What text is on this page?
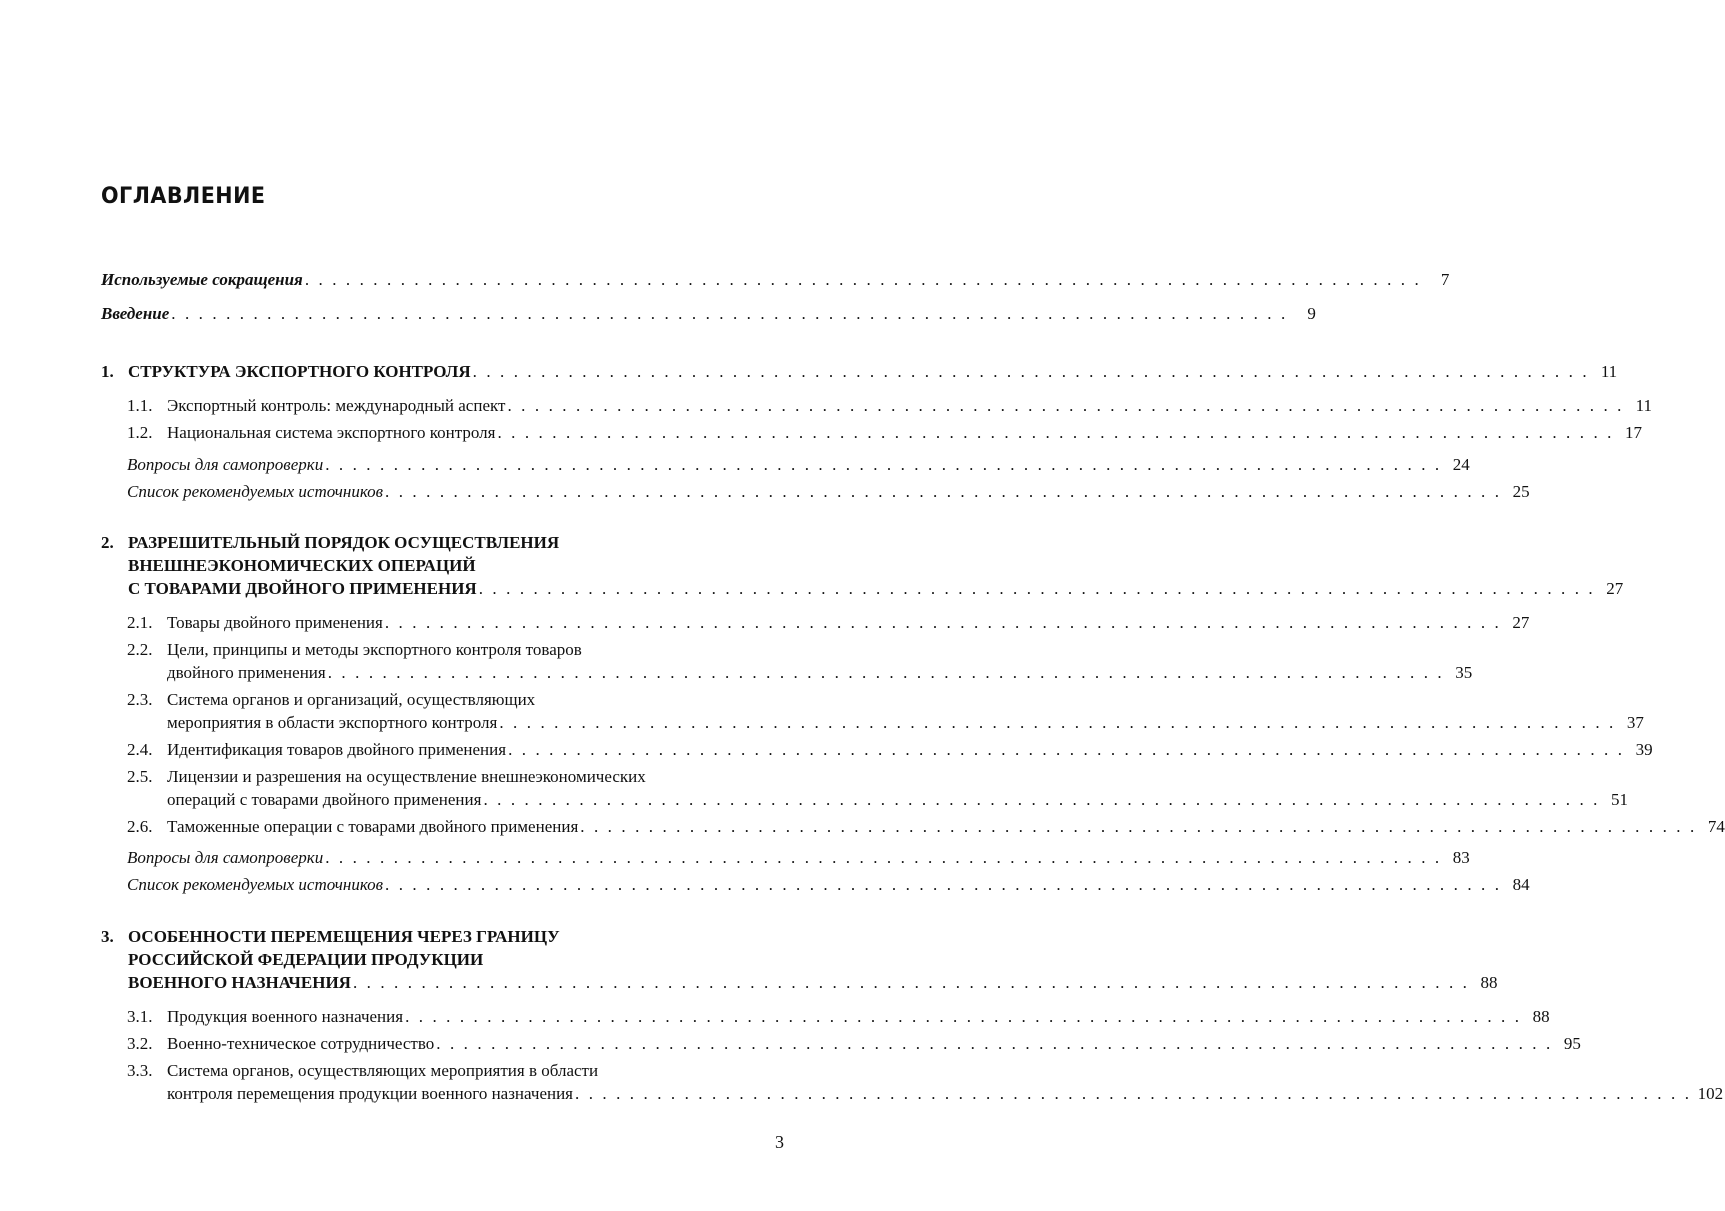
ОГЛАВЛЕНИЕ
Используемые сокращения . . . . . . . . . . . . . . . . . . . . . . . . . . . . . . . . . . . . . . . . . . . . . . . . . . . . . . . . . . . . . . . . . . . . . . . . . . . . . . . . . .	7
Введение . . . . . . . . . . . . . . . . . . . . . . . . . . . . . . . . . . . . . . . . . . . . . . . . . . . . . . . . . . . . . . . . . . . . . . . . . . . . . . . . . .	9
1. СТРУКТУРА ЭКСПОРТНОГО КОНТРОЛЯ . . . . . . . . . . . . . . . . . . . . . . . . . . . . . . . . . . . . . . . . . . . . . . . . . . . . . . . . . . . . . . . . . . . . . . . . . . . . . . . . . . 11
1.1. Экспортный контроль: международный аспект . . . . . . . . . . . . . . . . . . . . . . . . . . . . . . . . . . . . . . . . . . . . . . . . . . . . . . . . . . . . . . . . . . . . . . . . . . . . . . . . . . 11
1.2. Национальная система экспортного контроля . . . . . . . . . . . . . . . . . . . . . . . . . . . . . . . . . . . . . . . . . . . . . . . . . . . . . . . . . . . . . . . . . . . . . . . . . . . . . . . . . . 17
Вопросы для самопроверки . . . . . . . . . . . . . . . . . . . . . . . . . . . . . . . . . . . . . . . . . . . . . . . . . . . . . . . . . . . . . . . . . . . . . . . . . . . . . . . . . . 24
Список рекомендуемых источников . . . . . . . . . . . . . . . . . . . . . . . . . . . . . . . . . . . . . . . . . . . . . . . . . . . . . . . . . . . . . . . . . . . . . . . . . . . . . . . . . . 25
2. РАЗРЕШИТЕЛЬНЫЙ ПОРЯДОК ОСУЩЕСТВЛЕНИЯ
ВНЕШНЕЭКОНОМИЧЕСКИХ ОПЕРАЦИЙ
С ТОВАРАМИ ДВОЙНОГО ПРИМЕНЕНИЯ . . . . . . . . . . . . . . . . . . . . . . . . . . . . . . . . . . . . . . . . . . . . . . . . . . . . . . . . . . . . . . . . . . . . . . . . . . . . . . . . . . 27
2.1. Товары двойного применения . . . . . . . . . . . . . . . . . . . . . . . . . . . . . . . . . . . . . . . . . . . . . . . . . . . . . . . . . . . . . . . . . . . . . . . . . . . . . . . . . . 27
2.2. Цели, принципы и методы экспортного контроля товаров
двойного применения . . . . . . . . . . . . . . . . . . . . . . . . . . . . . . . . . . . . . . . . . . . . . . . . . . . . . . . . . . . . . . . . . . . . . . . . . . . . . . . . . . 35
2.3. Система органов и организаций, осуществляющих
мероприятия в области экспортного контроля . . . . . . . . . . . . . . . . . . . . . . . . . . . . . . . . . . . . . . . . . . . . . . . . . . . . . . . . . . . . . . . . . . . . . . . . . . . . . . . . . . 37
2.4. Идентификация товаров двойного применения . . . . . . . . . . . . . . . . . . . . . . . . . . . . . . . . . . . . . . . . . . . . . . . . . . . . . . . . . . . . . . . . . . . . . . . . . . . . . . . . . . 39
2.5. Лицензии и разрешения на осуществление внешнеэкономических
операций с товарами двойного применения . . . . . . . . . . . . . . . . . . . . . . . . . . . . . . . . . . . . . . . . . . . . . . . . . . . . . . . . . . . . . . . . . . . . . . . . . . . . . . . . . . 51
2.6. Таможенные операции с товарами двойного применения . . . . . . . . . . . . . . . . . . . . . . . . . . . . . . . . . . . . . . . . . . . . . . . . . . . . . . . . . . . . . . . . . . . . . . . . . . . . . . . . . . 74
Вопросы для самопроверки . . . . . . . . . . . . . . . . . . . . . . . . . . . . . . . . . . . . . . . . . . . . . . . . . . . . . . . . . . . . . . . . . . . . . . . . . . . . . . . . . . 83
Список рекомендуемых источников . . . . . . . . . . . . . . . . . . . . . . . . . . . . . . . . . . . . . . . . . . . . . . . . . . . . . . . . . . . . . . . . . . . . . . . . . . . . . . . . . . 84
3. ОСОБЕННОСТИ ПЕРЕМЕЩЕНИЯ ЧЕРЕЗ ГРАНИЦУ
РОССИЙСКОЙ ФЕДЕРАЦИИ ПРОДУКЦИИ
ВОЕННОГО НАЗНАЧЕНИЯ . . . . . . . . . . . . . . . . . . . . . . . . . . . . . . . . . . . . . . . . . . . . . . . . . . . . . . . . . . . . . . . . . . . . . . . . . . . . . . . . . . 88
3.1. Продукция военного назначения . . . . . . . . . . . . . . . . . . . . . . . . . . . . . . . . . . . . . . . . . . . . . . . . . . . . . . . . . . . . . . . . . . . . . . . . . . . . . . . . . . 88
3.2. Военно-техническое сотрудничество . . . . . . . . . . . . . . . . . . . . . . . . . . . . . . . . . . . . . . . . . . . . . . . . . . . . . . . . . . . . . . . . . . . . . . . . . . . . . . . . . . 95
3.3. Система органов, осуществляющих мероприятия в области
контроля перемещения продукции военного назначения . . . . . . . . . . . . . . . . . . . . . . . . . . . . . . . . . . . . . . . . . . . . . . . . . . . . . . . . . . . . . . . . . . . . . . . . . . . . . . . . . . 102
3
